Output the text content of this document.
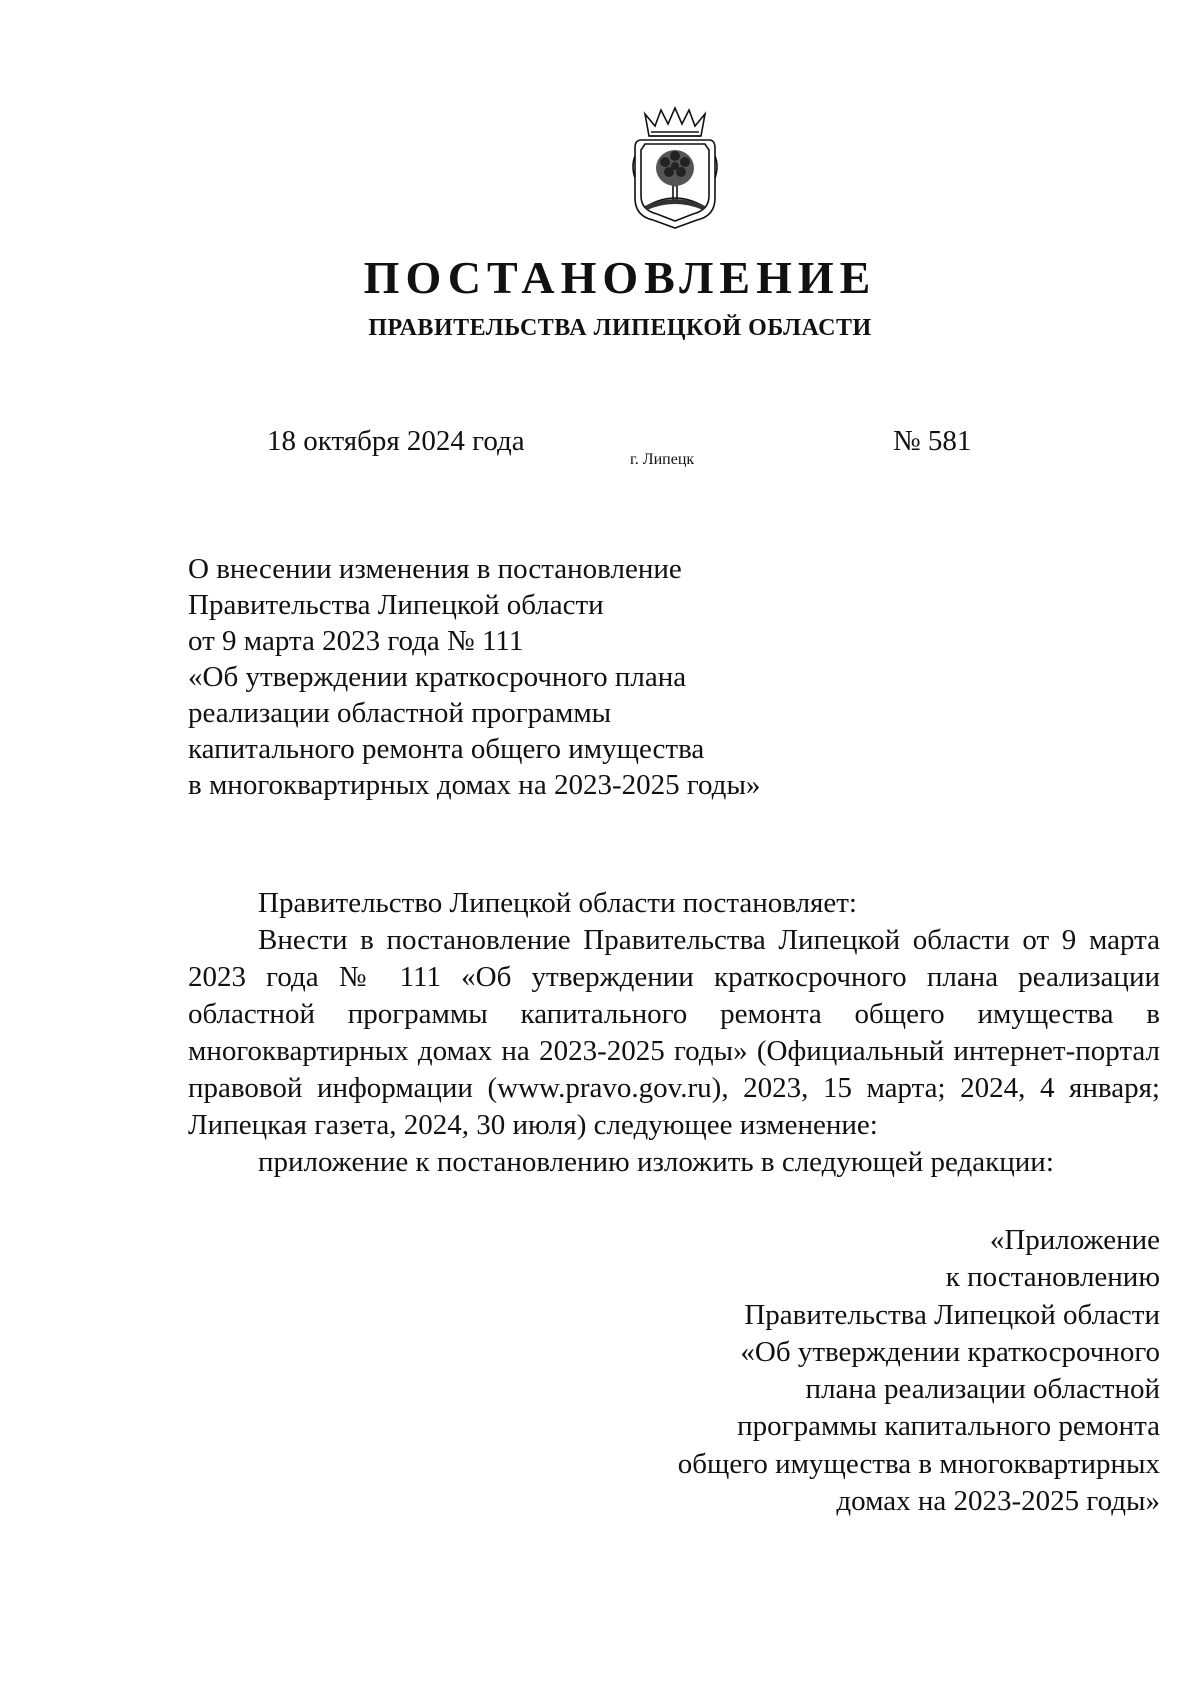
ПОСТАНОВЛЕНИЕ
ПРАВИТЕЛЬСТВА ЛИПЕЦКОЙ ОБЛАСТИ
18 октября 2024 года
г. Липецк
№ 581
О внесении изменения в постановление
Правительства Липецкой области
от 9 марта 2023 года № 111
«Об утверждении краткосрочного плана
реализации областной программы
капитального ремонта общего имущества
в многоквартирных домах на 2023-2025 годы»

Правительство Липецкой области постановляет:

Внести в постановление Правительства Липецкой области от 9 марта 2023 года № 111 «Об утверждении краткосрочного плана реализации областной программы капитального ремонта общего имущества в многоквартирных домах на 2023-2025 годы» (Официальный интернет-портал правовой информации (www.pravo.gov.ru), 2023, 15 марта; 2024, 4 января; Липецкая газета, 2024, 30 июля) следующее изменение:

приложение к постановлению изложить в следующей редакции:

«Приложение
к постановлению
Правительства Липецкой области
«Об утверждении краткосрочного
плана реализации областной
программы капитального ремонта
общего имущества в многоквартирных
домах на 2023-2025 годы»
